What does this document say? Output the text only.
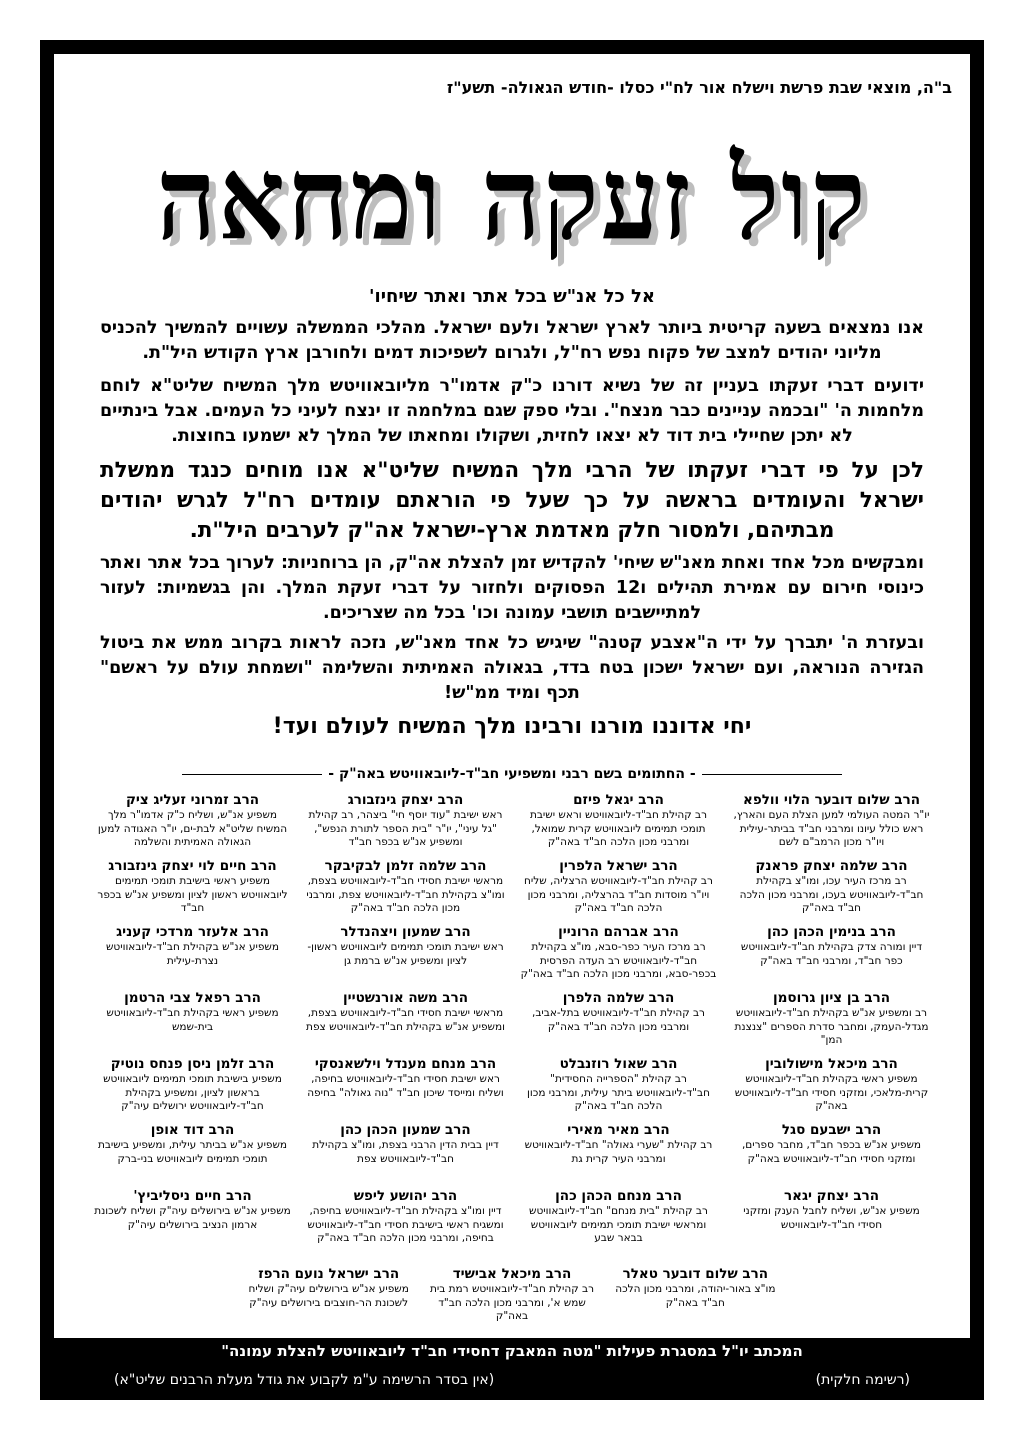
ב"ה, מוצאי שבת פרשת וישלח אור לח"י כסלו -חודש הגאולה- תשע"ז
קול זעקה ומחאה
אל כל אנ"ש בכל אתר ואתר שיחיו'
אנו נמצאים בשעה קריטית ביותר לארץ ישראל ולעם ישראל. מהלכי הממשלה עשויים להמשיך להכניס מליוני יהודים למצב של פקוח נפש רח"ל, ולגרום לשפיכות דמים ולחורבן ארץ הקודש היל"ת.
ידועים דברי זעקתו בעניין זה של נשיא דורנו כ"ק אדמו"ר מליובאוויטש מלך המשיח שליט"א לוחם מלחמות ה' "ובכמה עניינים כבר מנצח". ובלי ספק שגם במלחמה זו ינצח לעיני כל העמים. אבל בינתיים לא יתכן שחיילי בית דוד לא יצאו לחזית, ושקולו ומחאתו של המלך לא ישמעו בחוצות.
לכן על פי דברי זעקתו של הרבי מלך המשיח שליט"א אנו מוחים כנגד ממשלת ישראל והעומדים בראשה על כך שעל פי הוראתם עומדים רח"ל לגרש יהודים מבתיהם, ולמסור חלק מאדמת ארץ-ישראל אה"ק לערבים היל"ת.
ומבקשים מכל אחד ואחת מאנ"ש שיחי' להקדיש זמן להצלת אה"ק, הן ברוחניות: לערוך בכל אתר ואתר כינוסי חירום עם אמירת תהילים ו12 הפסוקים ולחזור על דברי זעקת המלך. והן בגשמיות: לעזור למתיישבים תושבי עמונה וכו' בכל מה שצריכים.
ובעזרת ה' יתברך על ידי ה"אצבע קטנה" שיגיש כל אחד מאנ"ש, נזכה לראות בקרוב ממש את ביטול הגזירה הנוראה, ועם ישראל ישכון בטח בדד, בגאולה האמיתית והשלימה "ושמחת עולם על ראשם" תכף ומיד ממ"ש!
יחי אדוננו מורנו ורבינו מלך המשיח לעולם ועד!
- החתומים בשם רבני ומשפיעי חב"ד-ליובאוויטש באה"ק -
הרב שלום דובער הלוי וולפא
יו"ר המטה העולמי למען הצלת העם והארץ, ראש כולל עיונו ומרבני חב"ד בביתר-עילית ויו"ר מכון הרמב"ם לשם
הרב יגאל פיזם
רב קהילת חב"ד-ליובאוויטש וראש ישיבת תומכי תמימים ליובאוויטש קרית שמואל, ומרבני מכון הלכה חב"ד באה"ק
הרב יצחק גינזבורג
ראש ישיבת "עוד יוסף חי" ביצהר, רב קהילת "גל עיני", יו"ר "בית הספר לתורת הנפש", ומשפיע אנ"ש בכפר חב"ד
הרב זמרוני זעליג ציק
משפיע אנ"ש, ושליח כ"ק אדמו"ר מלך המשיח שליט"א לבת-ים, יו"ר האגודה למען הגאולה האמיתית והשלמה
הרב שלמה יצחק פראנק
רב מרכז העיר עכו, ומו"צ בקהילת חב"ד-ליובאוויטש בעכו, ומרבני מכון הלכה חב"ד באה"ק
הרב ישראל הלפרין
רב קהילת חב"ד-ליובאוויטש הרצליה, שליח ויו"ר מוסדות חב"ד בהרצליה, ומרבני מכון הלכה חב"ד באה"ק
הרב שלמה זלמן לבקיבקר
מראשי ישיבת חסידי חב"ד-ליובאוויטש בצפת, ומו"צ בקהילת חב"ד-ליובאוויטש צפת, ומרבני מכון הלכה חב"ד באה"ק
הרב חיים לוי יצחק גינזבורג
משפיע ראשי בישיבת תומכי תמימים ליובאוויטש ראשון לציון ומשפיע אנ"ש בכפר חב"ד
הרב בנימין הכהן כהן
דיין ומורה צדק בקהילת חב"ד-ליובאוויטש כפר חב"ד, ומרבני חב"ד באה"ק
הרב אברהם הרוניין
רב מרכז העיר כפר-סבא, מו"צ בקהילת חב"ד-ליובאוויטש רב העדה הפרסית בכפר-סבא, ומרבני מכון הלכה חב"ד באה"ק
הרב שמעון ויצהנדלר
ראש ישיבת תומכי תמימים ליובאוויטש ראשון- לציון ומשפיע אנ"ש ברמת גן
הרב אלעזר מרדכי קעניג
משפיע אנ"ש בקהילת חב"ד-ליובאוויטש נצרת-עילית
הרב בן ציון גרוסמן
רב ומשפיע אנ"ש בקהילת חב"ד-ליובאוויטש מגדל-העמק, ומחבר סדרת הספרים "צנצנת המן"
הרב שלמה הלפרן
רב קהילת חב"ד-ליובאוויטש בתל-אביב, ומרבני מכון הלכה חב"ד באה"ק
הרב משה אורנשטיין
מראשי ישיבת חסידי חב"ד-ליובאוויטש בצפת, ומשפיע אנ"ש בקהילת חב"ד-ליובאוויטש צפת
הרב רפאל צבי הרטמן
משפיע ראשי בקהילת חב"ד-ליובאוויטש בית-שמש
הרב מיכאל מישולובין
משפיע ראשי בקהילת חב"ד-ליובאוויטש קרית-מלאכי, ומזקני חסידי חב"ד-ליובאוויטש באה"ק
הרב שאול רוזנבלט
רב קהילת "הספרייה החסידית" חב"ד-ליובאוויטש ביתר עילית, ומרבני מכון הלכה חב"ד באה"ק
הרב מנחם מענדל וילשאנסקי
ראש ישיבת חסידי חב"ד-ליובאוויטש בחיפה, ושליח ומייסד שיכון חב"ד "נוה גאולה" בחיפה
הרב זלמן ניסן פנחס נוטיק
משפיע בישיבת תומכי תמימים ליובאוויטש בראשון לציון, ומשפיע בקהילת חב"ד-ליובאוויטש ירושלים עיה"ק
הרב ישבעם סגל
משפיע אנ"ש בכפר חב"ד, מחבר ספרים, ומזקני חסידי חב"ד-ליובאוויטש באה"ק
הרב מאיר מאירי
רב קהילת "שערי גאולה" חב"ד-ליובאוויטש ומרבני העיר קרית גת
הרב שמעון הכהן כהן
דיין בבית הדין הרבני בצפת, ומו"צ בקהילת חב"ד-ליובאוויטש צפת
הרב דוד אופן
משפיע אנ"ש בביתר עילית, ומשפיע בישיבת תומכי תמימים ליובאוויטש בני-ברק
הרב יצחק יגאר
משפיע אנ"ש, ושליח לחבל הענק ומזקני חסידי חב"ד-ליובאוויטש
הרב מנחם הכהן כהן
רב קהילת "בית מנחם" חב"ד-ליובאוויטש ומראשי ישיבת תומכי תמימים ליובאוויטש בבאר שבע
הרב יהושע ליפש
דיין ומו"צ בקהילת חב"ד-ליובאוויטש בחיפה, ומשגיח ראשי בישיבת חסידי חב"ד-ליובאוויטש בחיפה, ומרבני מכון הלכה חב"ד באה"ק
הרב חיים ניסליביץ'
משפיע אנ"ש בירושלים עיה"ק ושליח לשכונת ארמון הנציב בירושלים עיה"ק
הרב שלום דובער טאלר
מו"צ באור-יהודה, ומרבני מכון הלכה חב"ד באה"ק
הרב מיכאל אבישיד
רב קהילת חב"ד-ליובאוויטש רמת בית שמש א', ומרבני מכון הלכה חב"ד באה"ק
הרב ישראל נועם הרפז
משפיע אנ"ש בירושלים עיה"ק ושליח לשכונת הר-חוצבים בירושלים עיה"ק
המכתב יו"ל במסגרת פעילות "מטה המאבק דחסידי חב"ד ליובאוויטש להצלת עמונה"
(אין בסדר הרשימה ע"מ לקבוע את גודל מעלת הרבנים שליט"א)	(רשימה חלקית)
